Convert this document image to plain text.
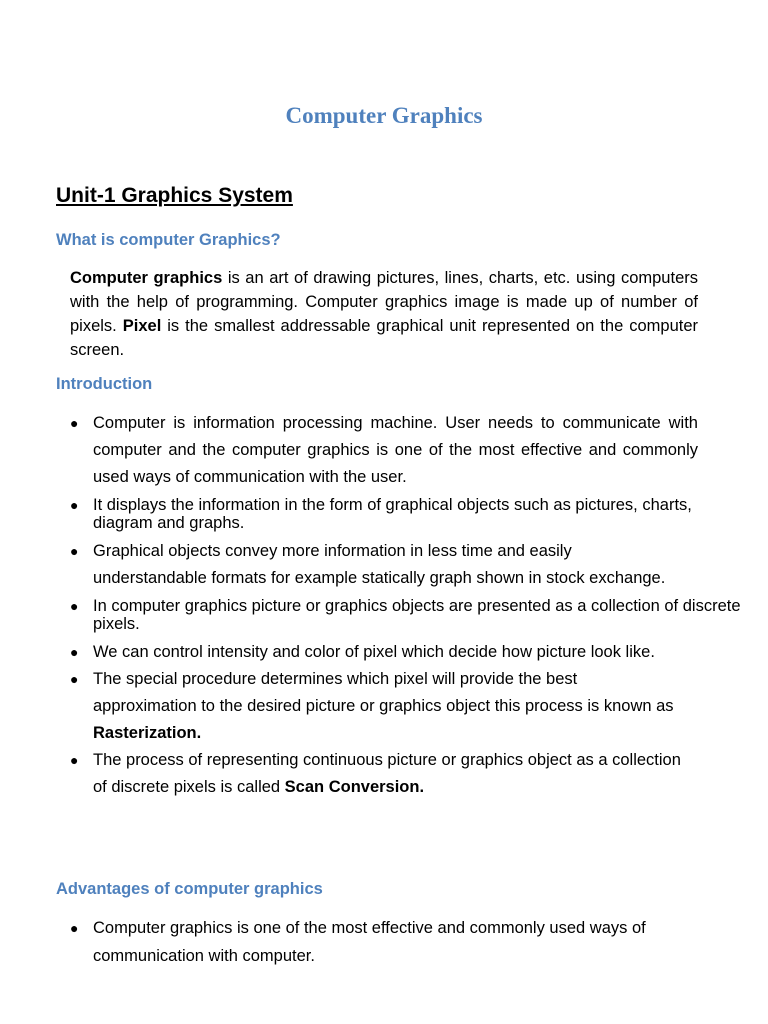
Computer Graphics
Unit-1 Graphics System
What is computer Graphics?

Computer graphics is an art of drawing pictures, lines, charts, etc. using computers with the help of programming. Computer graphics image is made up of number of pixels. Pixel is the smallest addressable graphical unit represented on the computer screen.

Introduction
● Computer is information processing machine. User needs to communicate with computer and the computer graphics is one of the most effective and commonly used ways of communication with the user.
● It displays the information in the form of graphical objects such as pictures, charts, diagram and graphs.
● Graphical objects convey more information in less time and easily understandable formats for example statically graph shown in stock exchange.
● In computer graphics picture or graphics objects are presented as a collection of discrete pixels.
● We can control intensity and color of pixel which decide how picture look like.
● The special procedure determines which pixel will provide the best approximation to the desired picture or graphics object this process is known as Rasterization.
● The process of representing continuous picture or graphics object as a collection of discrete pixels is called Scan Conversion.
Advantages of computer graphics
● Computer graphics is one of the most effective and commonly used ways of communication with computer.
